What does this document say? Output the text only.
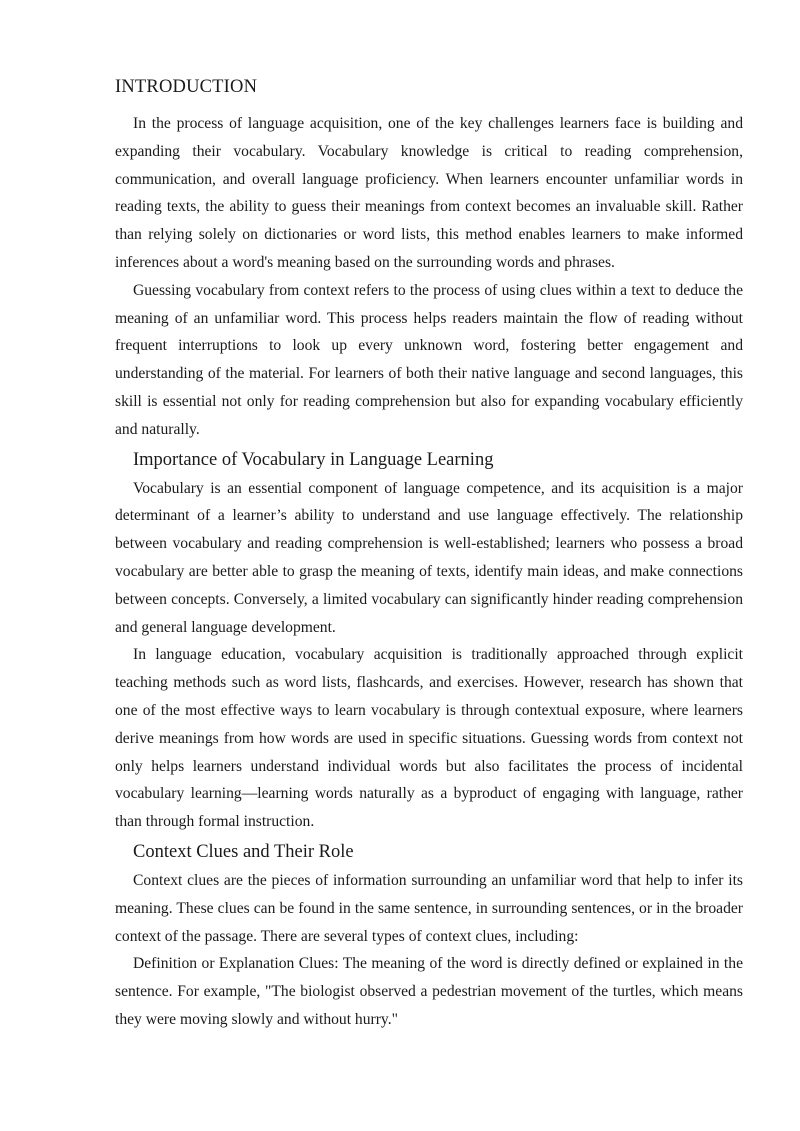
INTRODUCTION

In the process of language acquisition, one of the key challenges learners face is building and expanding their vocabulary. Vocabulary knowledge is critical to reading comprehension, communication, and overall language proficiency. When learners encounter unfamiliar words in reading texts, the ability to guess their meanings from context becomes an invaluable skill. Rather than relying solely on dictionaries or word lists, this method enables learners to make informed inferences about a word's meaning based on the surrounding words and phrases.

Guessing vocabulary from context refers to the process of using clues within a text to deduce the meaning of an unfamiliar word. This process helps readers maintain the flow of reading without frequent interruptions to look up every unknown word, fostering better engagement and understanding of the material. For learners of both their native language and second languages, this skill is essential not only for reading comprehension but also for expanding vocabulary efficiently and naturally.

Importance of Vocabulary in Language Learning

Vocabulary is an essential component of language competence, and its acquisition is a major determinant of a learner’s ability to understand and use language effectively. The relationship between vocabulary and reading comprehension is well-established; learners who possess a broad vocabulary are better able to grasp the meaning of texts, identify main ideas, and make connections between concepts. Conversely, a limited vocabulary can significantly hinder reading comprehension and general language development.

In language education, vocabulary acquisition is traditionally approached through explicit teaching methods such as word lists, flashcards, and exercises. However, research has shown that one of the most effective ways to learn vocabulary is through contextual exposure, where learners derive meanings from how words are used in specific situations. Guessing words from context not only helps learners understand individual words but also facilitates the process of incidental vocabulary learning—learning words naturally as a byproduct of engaging with language, rather than through formal instruction.

Context Clues and Their Role

Context clues are the pieces of information surrounding an unfamiliar word that help to infer its meaning. These clues can be found in the same sentence, in surrounding sentences, or in the broader context of the passage. There are several types of context clues, including:

Definition or Explanation Clues: The meaning of the word is directly defined or explained in the sentence. For example, "The biologist observed a pedestrian movement of the turtles, which means they were moving slowly and without hurry."
